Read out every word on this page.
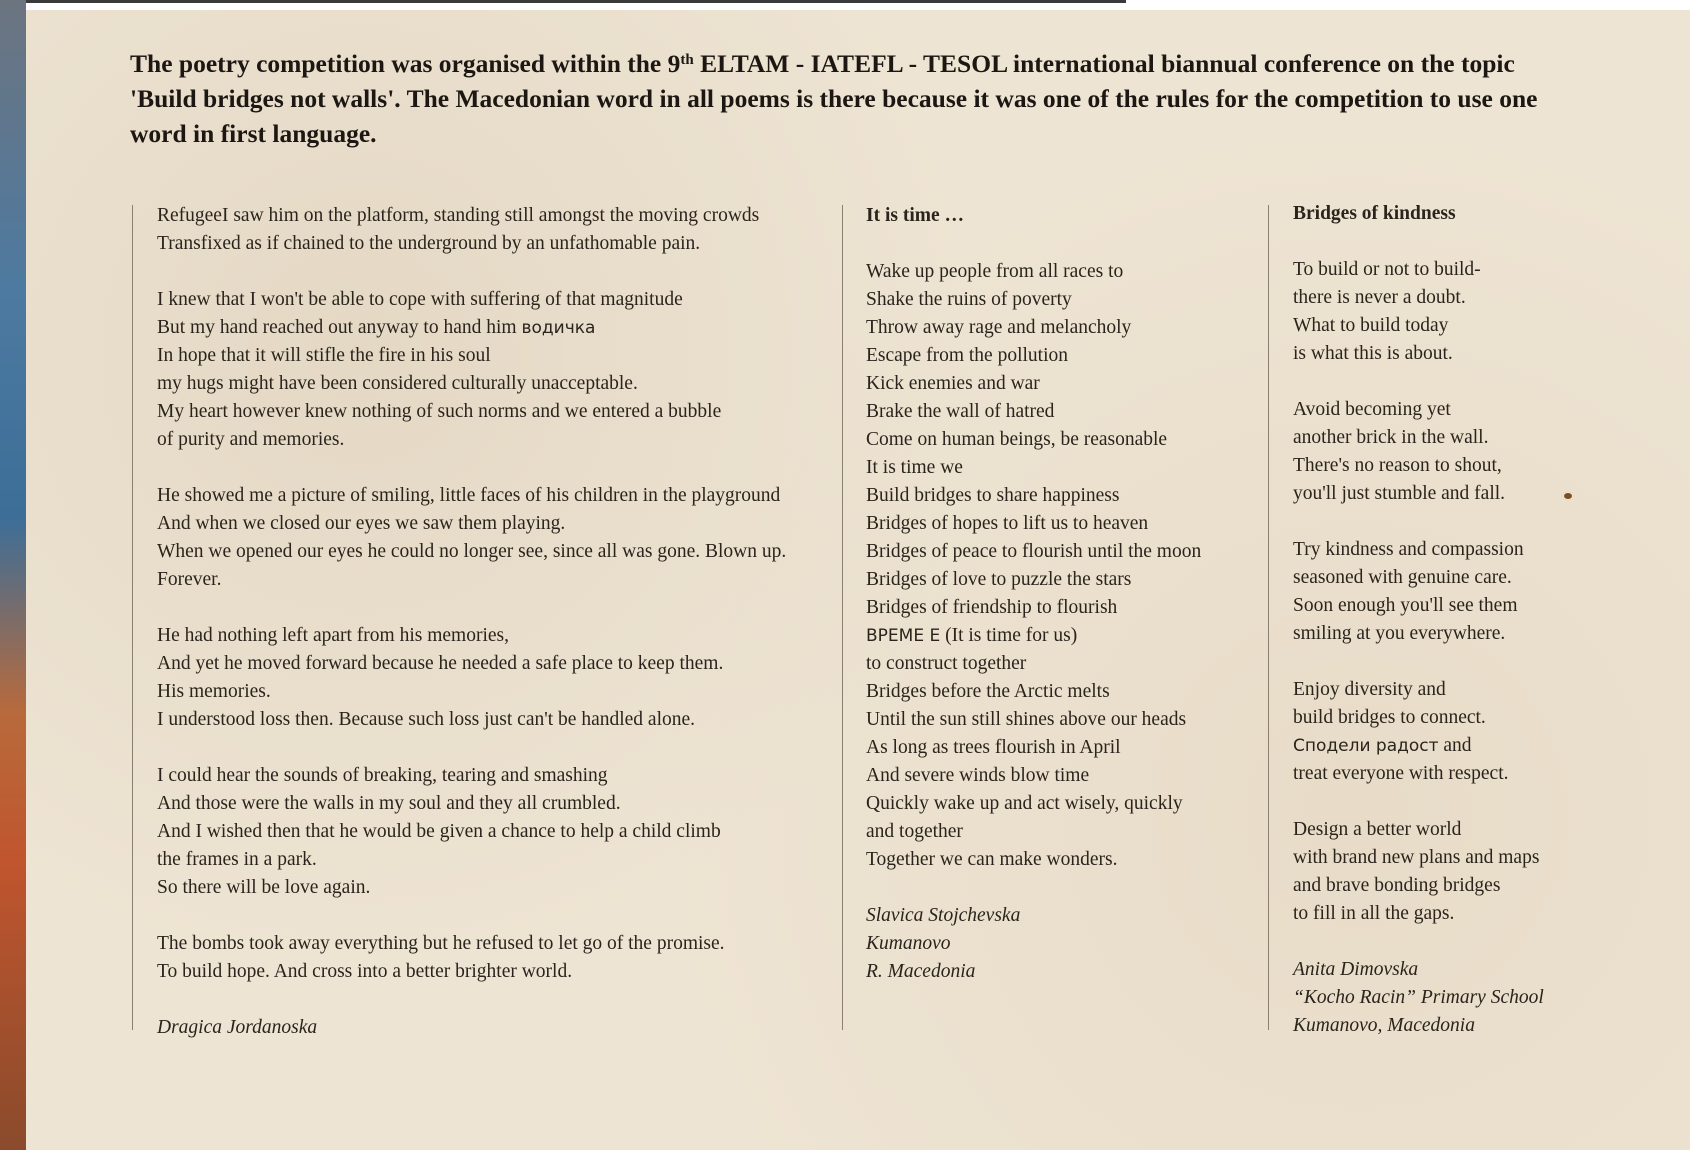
The poetry competition was organised within the 9th ELTAM - IATEFL - TESOL international biannual conference on the topic 'Build bridges not walls'. The Macedonian word in all poems is there because it was one of the rules for the competition to use one word in first language.
RefugeeI saw him on the platform, standing still amongst the moving crowds
Transfixed as if chained to the underground by an unfathomable pain.
I knew that I won't be able to cope with suffering of that magnitude
But my hand reached out anyway to hand him водичка
In hope that it will stifle the fire in his soul
my hugs might have been considered culturally unacceptable.
My heart however knew nothing of such norms and we entered a bubble
of purity and memories.
He showed me a picture of smiling, little faces of his children in the playground
And when we closed our eyes we saw them playing.
When we opened our eyes he could no longer see, since all was gone. Blown up.
Forever.
He had nothing left apart from his memories,
And yet he moved forward because he needed a safe place to keep them.
His memories.
I understood loss then. Because such loss just can't be handled alone.
I could hear the sounds of breaking, tearing and smashing
And those were the walls in my soul and they all crumbled.
And I wished then that he would be given a chance to help a child climb
the frames in a park.
So there will be love again.
The bombs took away everything but he refused to let go of the promise.
To build hope. And cross into a better brighter world.
Dragica Jordanoska
It is time …
Wake up people from all races to
Shake the ruins of poverty
Throw away rage and melancholy
Escape from the pollution
Kick enemies and war
Brake the wall of hatred
Come on human beings, be reasonable
It is time we
Build bridges to share happiness
Bridges of hopes to lift us to heaven
Bridges of peace to flourish until the moon
Bridges of love to puzzle the stars
Bridges of friendship to flourish
ВРЕМЕ Е (It is time for us)
to construct together
Bridges before the Arctic melts
Until the sun still shines above our heads
As long as trees flourish in April
And severe winds blow time
Quickly wake up and act wisely, quickly
and together
Together we can make wonders.
Slavica Stojchevska
Kumanovo
R. Macedonia
Bridges of kindness
To build or not to build-
there is never a doubt.
What to build today
is what this is about.
Avoid becoming yet
another brick in the wall.
There's no reason to shout,
you'll just stumble and fall.
Try kindness and compassion
seasoned with genuine care.
Soon enough you'll see them
smiling at you everywhere.
Enjoy diversity and
build bridges to connect.
Сподели радост and
treat everyone with respect.
Design a better world
with brand new plans and maps
and brave bonding bridges
to fill in all the gaps.
Anita Dimovska
“Kocho Racin” Primary School
Kumanovo, Macedonia
